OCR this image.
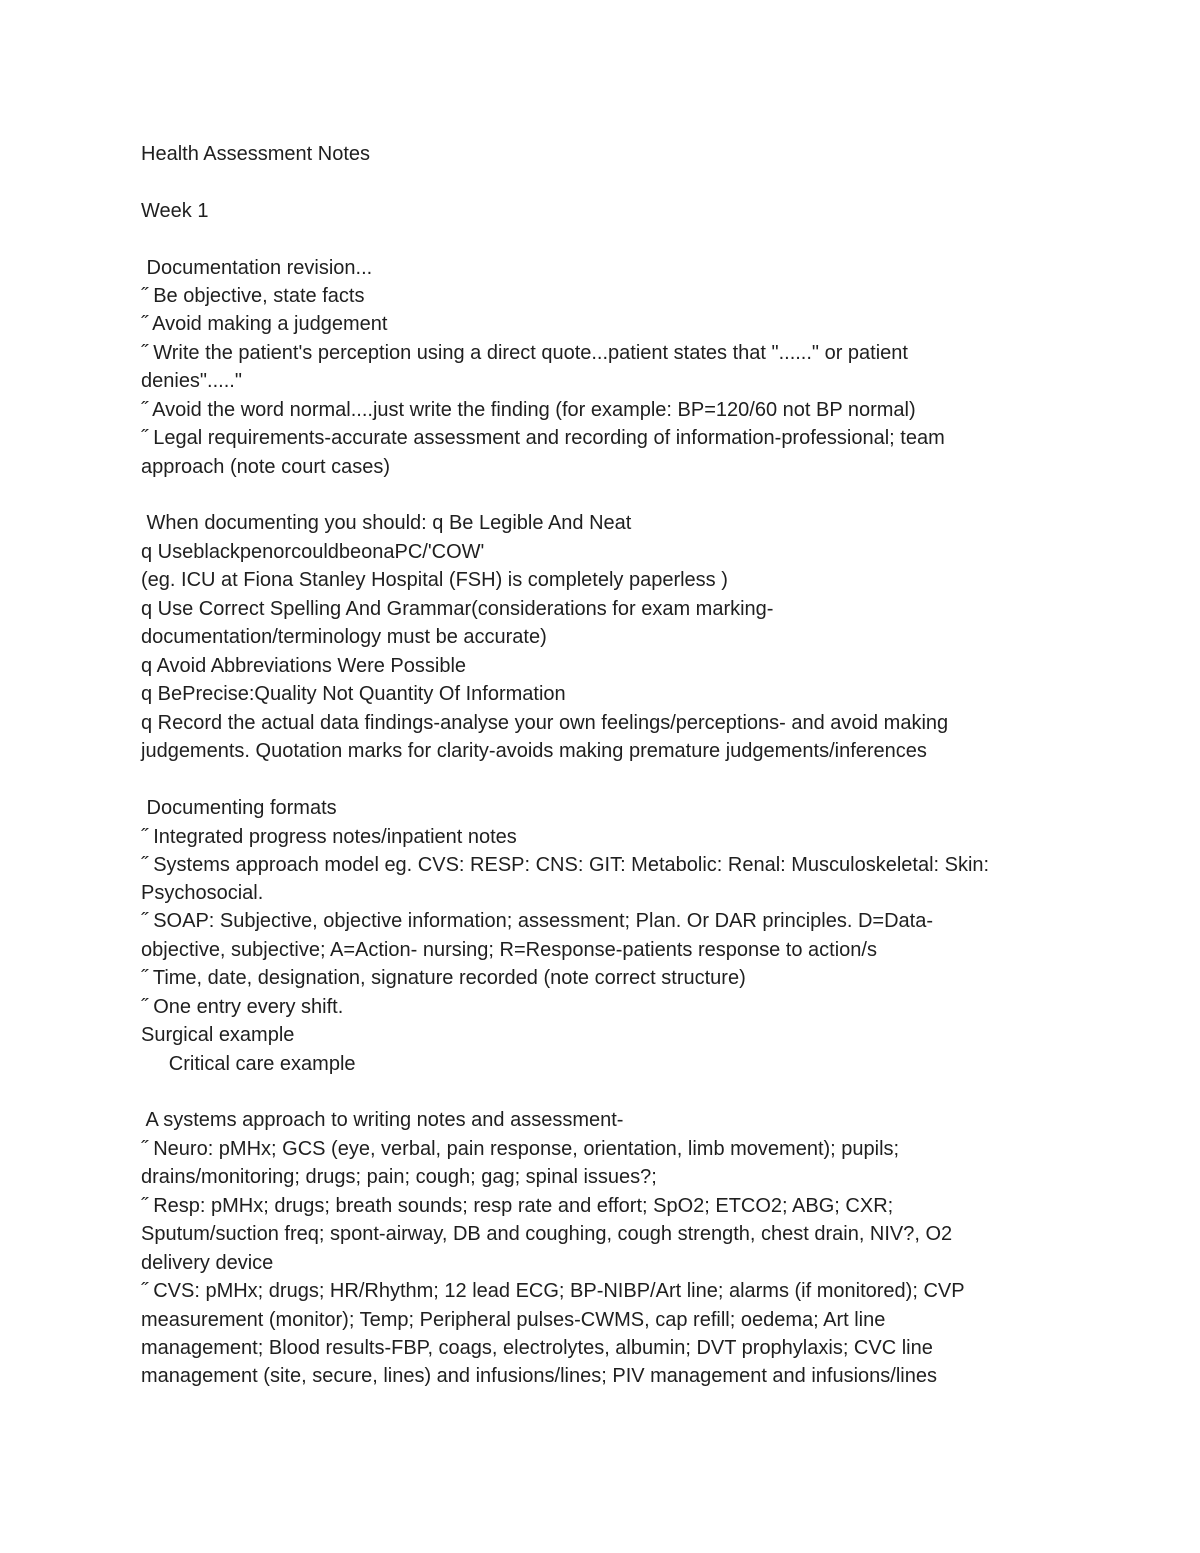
Health Assessment Notes
Week 1
Documentation revision...
˝ Be objective, state facts
˝ Avoid making a judgement
˝ Write the patient's perception using a direct quote...patient states that "......" or patient
denies"....."
˝ Avoid the word normal....just write the finding (for example: BP=120/60 not BP normal)
˝ Legal requirements-accurate assessment and recording of information-professional; team
approach (note court cases)
When documenting you should: q Be Legible And Neat
q UseblackpenorcouldbeonaPC/'COW'
(eg. ICU at Fiona Stanley Hospital (FSH) is completely paperless )
q Use Correct Spelling And Grammar(considerations for exam marking-
documentation/terminology must be accurate)
q Avoid Abbreviations Were Possible
q BePrecise:Quality Not Quantity Of Information
q Record the actual data findings-analyse your own feelings/perceptions- and avoid making
judgements. Quotation marks for clarity-avoids making premature judgements/inferences
Documenting formats
˝ Integrated progress notes/inpatient notes
˝ Systems approach model eg. CVS: RESP: CNS: GIT: Metabolic: Renal: Musculoskeletal: Skin:
Psychosocial.
˝ SOAP: Subjective, objective information; assessment; Plan. Or DAR principles. D=Data-
objective, subjective; A=Action- nursing; R=Response-patients response to action/s
˝ Time, date, designation, signature recorded (note correct structure)
˝ One entry every shift.
Surgical example
Critical care example
A systems approach to writing notes and assessment-
˝ Neuro: pMHx; GCS (eye, verbal, pain response, orientation, limb movement); pupils;
drains/monitoring; drugs; pain; cough; gag; spinal issues?;
˝ Resp: pMHx; drugs; breath sounds; resp rate and effort; SpO2; ETCO2; ABG; CXR;
Sputum/suction freq; spont-airway, DB and coughing, cough strength, chest drain, NIV?, O2
delivery device
˝ CVS: pMHx; drugs; HR/Rhythm; 12 lead ECG; BP-NIBP/Art line; alarms (if monitored); CVP
measurement (monitor); Temp; Peripheral pulses-CWMS, cap refill; oedema; Art line
management; Blood results-FBP, coags, electrolytes, albumin; DVT prophylaxis; CVC line
management (site, secure, lines) and infusions/lines; PIV management and infusions/lines
